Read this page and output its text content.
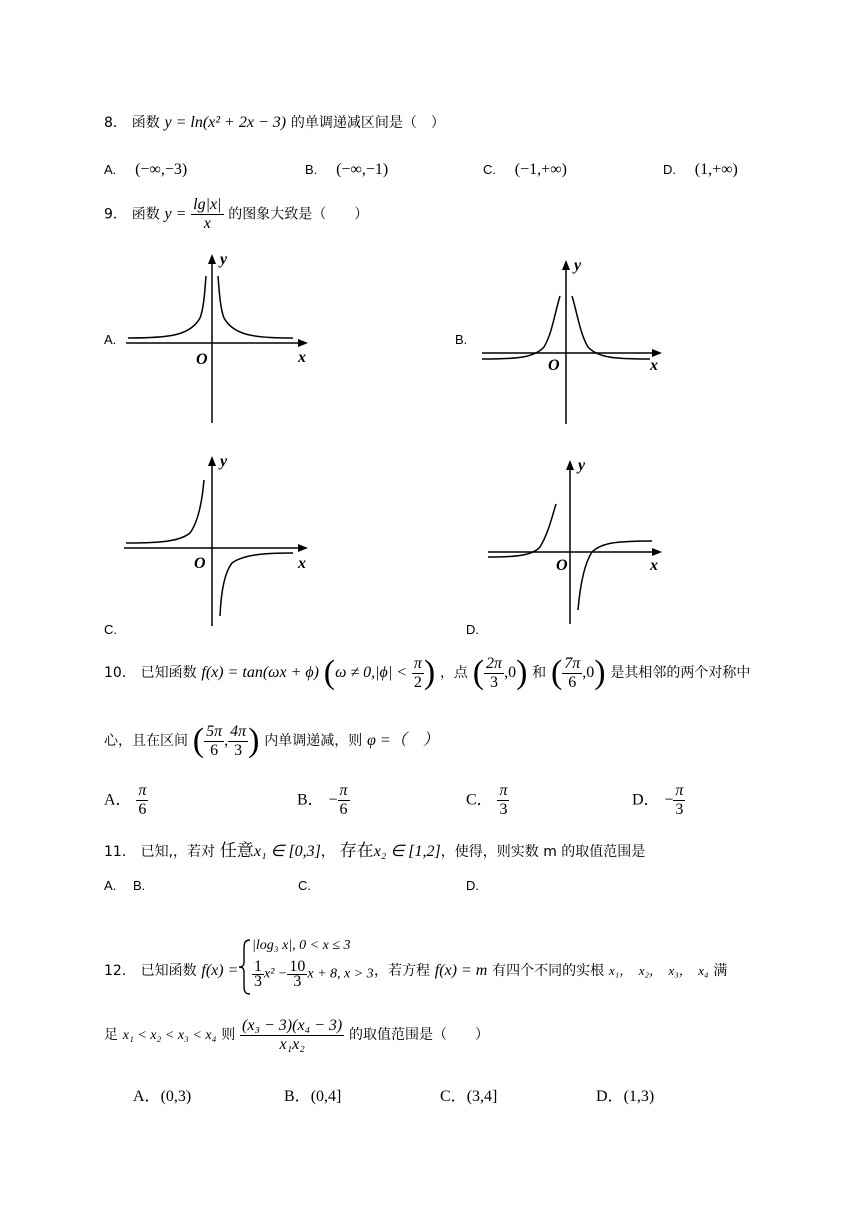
8． 函数 y = ln(x² + 2x − 3) 的单调递减区间是（　）
A. (−∞,−3)	B. (−∞,−1)	C. (−1,+∞)	D. (1,+∞)
9． 函数 $y = \frac{\lg|x|}{x}$ 的图象大致是（　　）
A.
x
y
O
B.
x
y
O
x
y
O
C.
x
y
O
D.
10． 已知函数 f(x) = tan(ωx + ϕ) ($\omega \ne 0,|\phi| < \frac{\pi}{2}$ ) ，点 ( $\frac{2\pi}{3} ,0$) 和 ( $\frac{7\pi}{6} ,0$) 是其相邻的两个对称中
心，且在区间 ( $\frac{5\pi}{6}$ , $\frac{4\pi}{3}$ ) 内单调递减，则 φ =（　）
A． $\frac{\pi}{6}$	B． − $\frac{\pi}{6}$	C． $\frac{\pi}{3}$	D． − $\frac{\pi}{3}$
11． 已知,，若对 任意x₁ ∈ [0,3]， 存在x₂ ∈ [1,2]，使得，则实数 m 的取值范围是
A. B.	C.	D.
12． 已知函数 f(x) =
|log₃ x|, 0 < x ≤ 3
$\frac{1}{3} x^2 - \frac{10}{3}$ x + 8, x > 3 ，若方程 f(x) = m 有四个不同的实根 x₁，　x₂，　x₃，　x₄ 满
足 x₁ < x₂ < x₃ < x₄ 则 $\frac{\text{(x₃ − 3)(x₄ − 3)}}{\text{x₁x₂}}$ 的取值范围是（　　）
A．(0,3)	B．(0,4]	C．(3,4]	D．(1,3)
